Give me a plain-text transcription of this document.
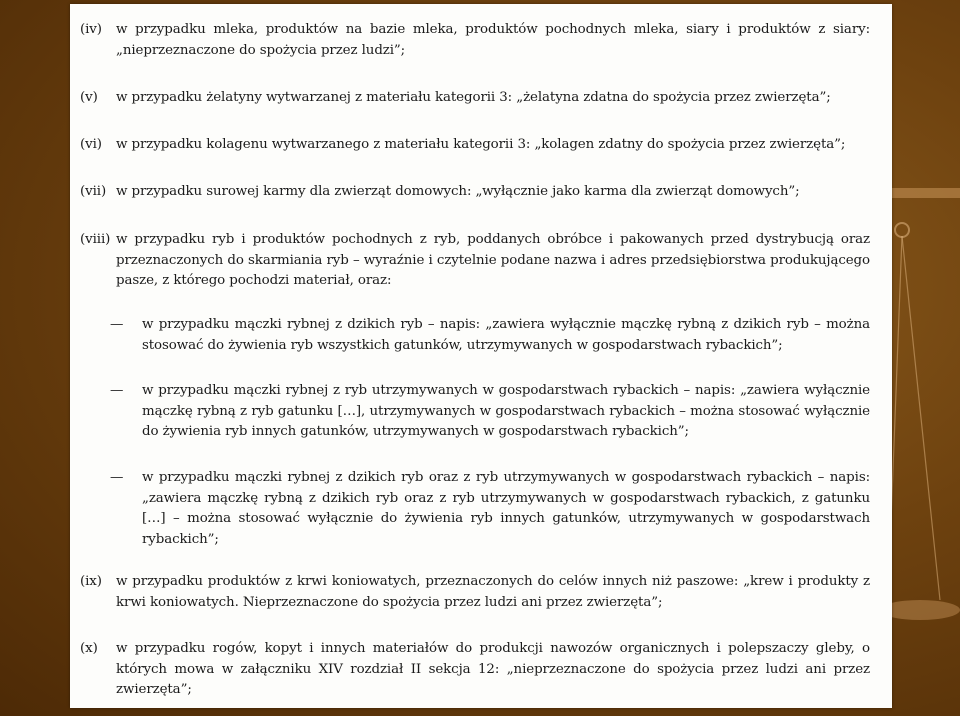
(iv)	w przypadku mleka, produktów na bazie mleka, produktów pochodnych mleka, siary i produktów z siary: „nieprzeznaczone do spożycia przez ludzi”;
(v)	w przypadku żelatyny wytwarzanej z materiału kategorii 3: „żelatyna zdatna do spożycia przez zwierzęta”;
(vi)	w przypadku kolagenu wytwarzanego z materiału kategorii 3: „kolagen zdatny do spożycia przez zwierzęta”;
(vii) w przypadku surowej karmy dla zwierząt domowych: „wyłącznie jako karma dla zwierząt domowych”;
(viii) w przypadku ryb i produktów pochodnych z ryb, poddanych obróbce i pakowanych przed dystrybucją oraz przeznaczonych do skarmiania ryb – wyraźnie i czytelnie podane nazwa i adres przedsiębiorstwa produkującego pasze, z którego pochodzi materiał, oraz:
—	w przypadku mączki rybnej z dzikich ryb – napis: „zawiera wyłącznie mączkę rybną z dzikich ryb – można stosować do żywienia ryb wszystkich gatunków, utrzymywanych w gospodarstwach rybackich”;
—	w przypadku mączki rybnej z ryb utrzymywanych w gospodarstwach rybackich – napis: „zawiera wyłącznie mączkę rybną z ryb gatunku […], utrzymywanych w gospodarstwach rybackich – można stosować wyłącznie do żywienia ryb innych gatunków, utrzymywanych w gospodarstwach rybackich”;
—	w przypadku mączki rybnej z dzikich ryb oraz z ryb utrzymywanych w gospodarstwach rybackich – napis: „zawiera mączkę rybną z dzikich ryb oraz z ryb utrzymywanych w gospodarstwach rybackich, z gatunku […] – można stosować wyłącznie do żywienia ryb innych gatunków, utrzymywanych w gospodarstwach rybackich”;
(ix)	w przypadku produktów z krwi koniowatych, przeznaczonych do celów innych niż paszowe: „krew i produkty z krwi koniowatych. Nieprzeznaczone do spożycia przez ludzi ani przez zwierzęta”;
(x)	w przypadku rogów, kopyt i innych materiałów do produkcji nawozów organicznych i polepszaczy gleby, o których mowa w załączniku XIV rozdział II sekcja 12: „nieprzeznaczone do spożycia przez ludzi ani przez zwierzęta”;
